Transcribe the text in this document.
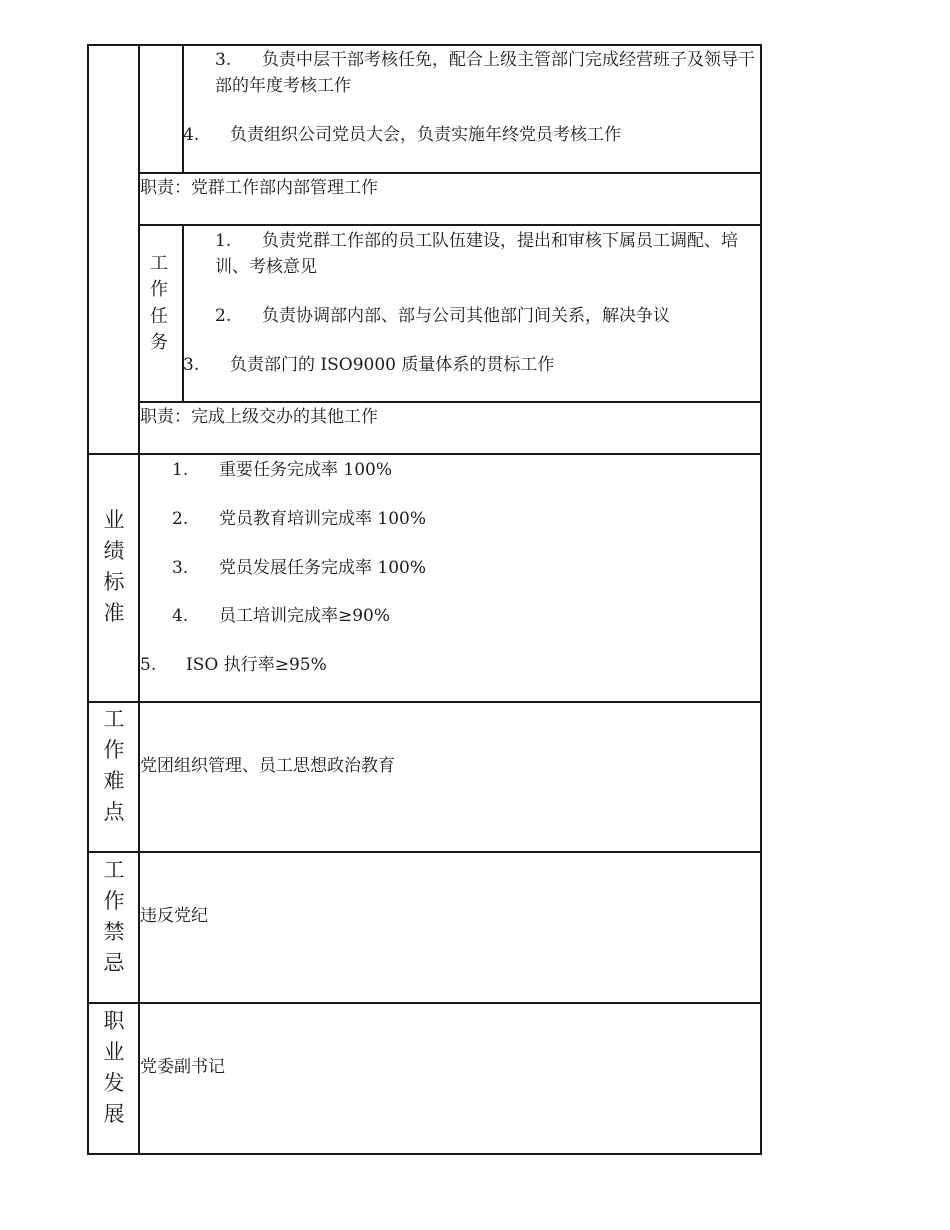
3.	负责中层干部考核任免，配合上级主管部门完成经营班子及领导干部的年度考核工作
4. 负责组织公司党员大会，负责实施年终党员考核工作
职责：党群工作部内部管理工作
工
作
任
务
1.	负责党群工作部的员工队伍建设，提出和审核下属员工调配、培训、考核意见
2. 负责协调部内部、部与公司其他部门间关系，解决争议
3. 负责部门的 ISO9000 质量体系的贯标工作
职责：完成上级交办的其他工作
业
绩
标
准
1. 重要任务完成率 100%
2. 党员教育培训完成率 100%
3. 党员发展任务完成率 100%
4. 员工培训完成率≥90%
5. ISO 执行率≥95%
工
作
难
点
党团组织管理、员工思想政治教育
工
作
禁
忌
违反党纪
职
业
发
展
党委副书记
